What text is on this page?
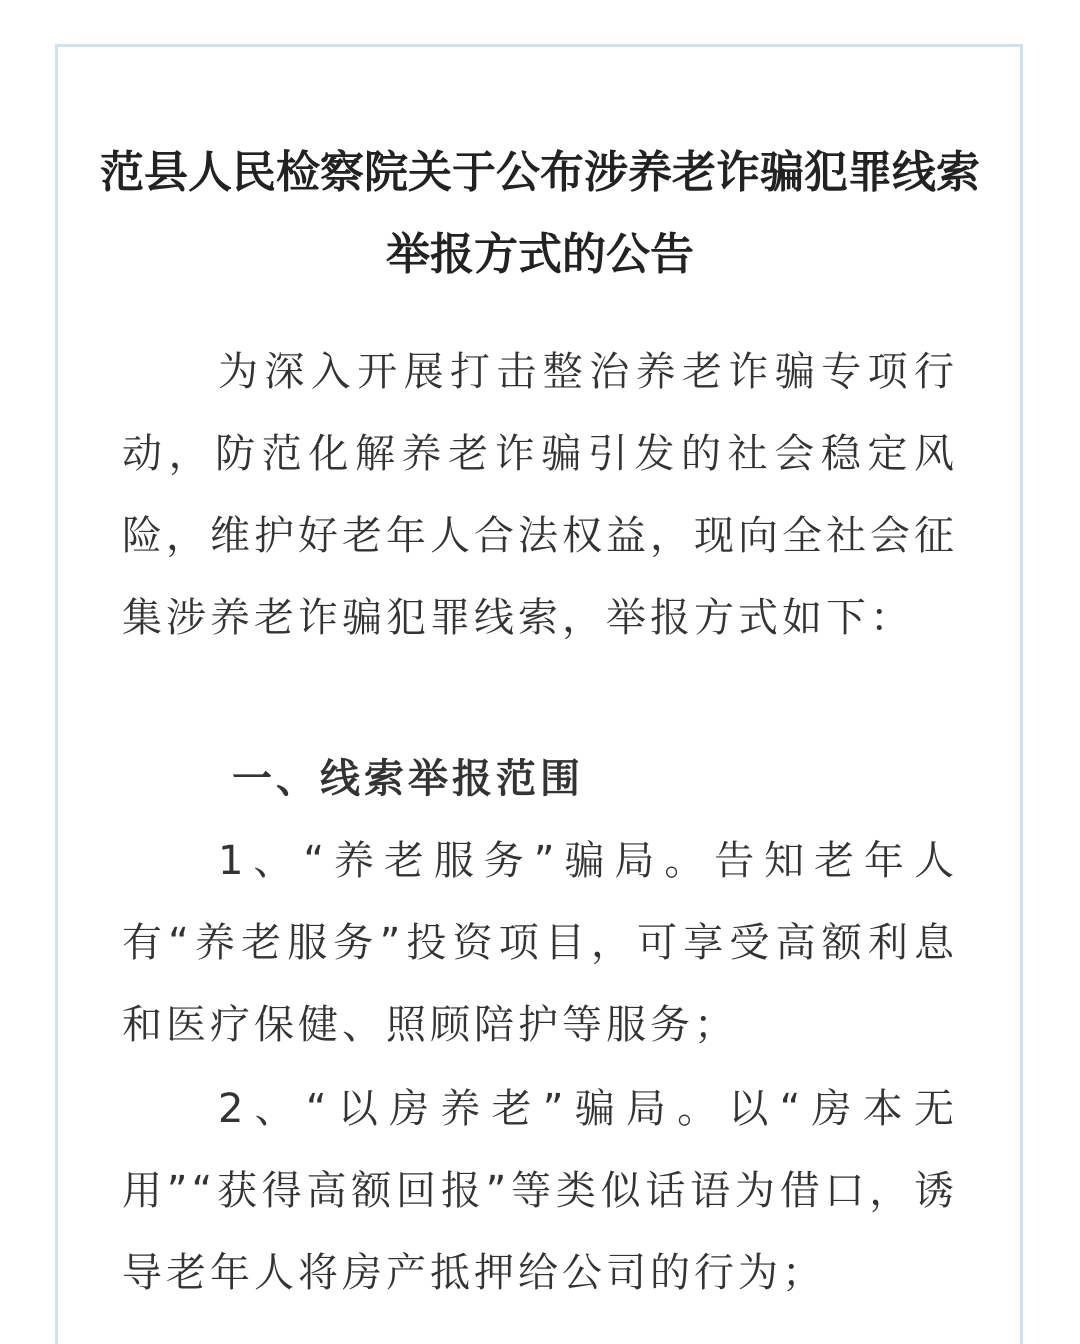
范县人民检察院关于公布涉养老诈骗犯罪线索举报方式的公告

为深入开展打击整治养老诈骗专项行动，防范化解养老诈骗引发的社会稳定风险，维护好老年人合法权益，现向全社会征集涉养老诈骗犯罪线索，举报方式如下：

一、线索举报范围

1、“养老服务”骗局。告知老年人有“养老服务”投资项目，可享受高额利息和医疗保健、照顾陪护等服务；

2、“以房养老”骗局。以“房本无用”“获得高额回报”等类似话语为借口，诱导老年人将房产抵押给公司的行为；
